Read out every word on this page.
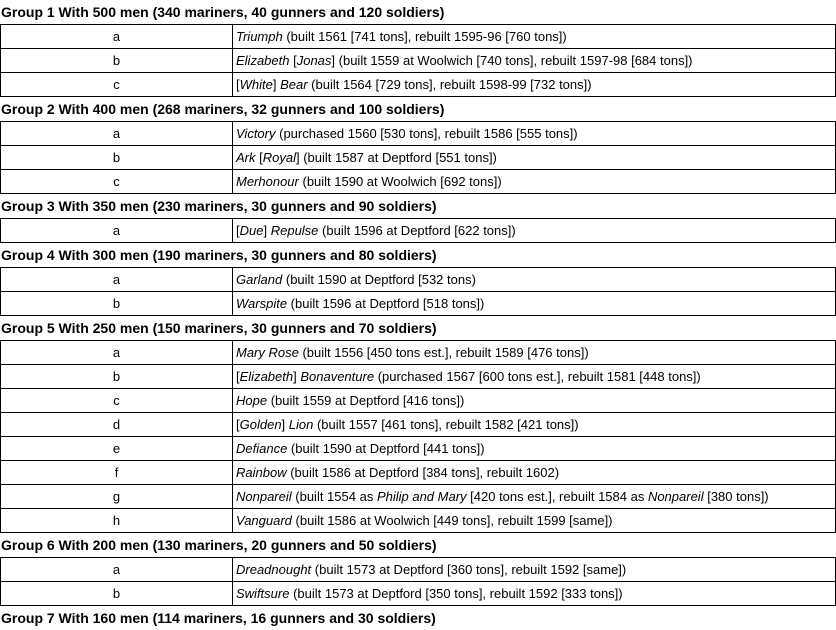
Group 1 With 500 men (340 mariners, 40 gunners and 120 soldiers)
a	Triumph (built 1561 [741 tons], rebuilt 1595-96 [760 tons])
b	Elizabeth [Jonas] (built 1559 at Woolwich [740 tons], rebuilt 1597-98 [684 tons])
c	[White] Bear (built 1564 [729 tons], rebuilt 1598-99 [732 tons])
Group 2 With 400 men (268 mariners, 32 gunners and 100 soldiers)
a	Victory (purchased 1560 [530 tons], rebuilt 1586 [555 tons])
b	Ark [Royal] (built 1587 at Deptford [551 tons])
c	Merhonour (built 1590 at Woolwich [692 tons])
Group 3 With 350 men (230 mariners, 30 gunners and 90 soldiers)
a	[Due] Repulse (built 1596 at Deptford [622 tons])
Group 4 With 300 men (190 mariners, 30 gunners and 80 soldiers)
a	Garland (built 1590 at Deptford [532 tons)
b	Warspite (built 1596 at Deptford [518 tons])
Group 5 With 250 men (150 mariners, 30 gunners and 70 soldiers)
a	Mary Rose (built 1556 [450 tons est.], rebuilt 1589 [476 tons])
b	[Elizabeth] Bonaventure (purchased 1567 [600 tons est.], rebuilt 1581 [448 tons])
c	Hope (built 1559 at Deptford [416 tons])
d	[Golden] Lion (built 1557 [461 tons], rebuilt 1582 [421 tons])
e	Defiance (built 1590 at Deptford [441 tons])
f	Rainbow (built 1586 at Deptford [384 tons], rebuilt 1602)
g	Nonpareil (built 1554 as Philip and Mary [420 tons est.], rebuilt 1584 as Nonpareil [380 tons])
h	Vanguard (built 1586 at Woolwich [449 tons], rebuilt 1599 [same])
Group 6 With 200 men (130 mariners, 20 gunners and 50 soldiers)
a	Dreadnought (built 1573 at Deptford [360 tons], rebuilt 1592 [same])
b	Swiftsure (built 1573 at Deptford [350 tons], rebuilt 1592 [333 tons])
Group 7 With 160 men (114 mariners, 16 gunners and 30 soldiers)
